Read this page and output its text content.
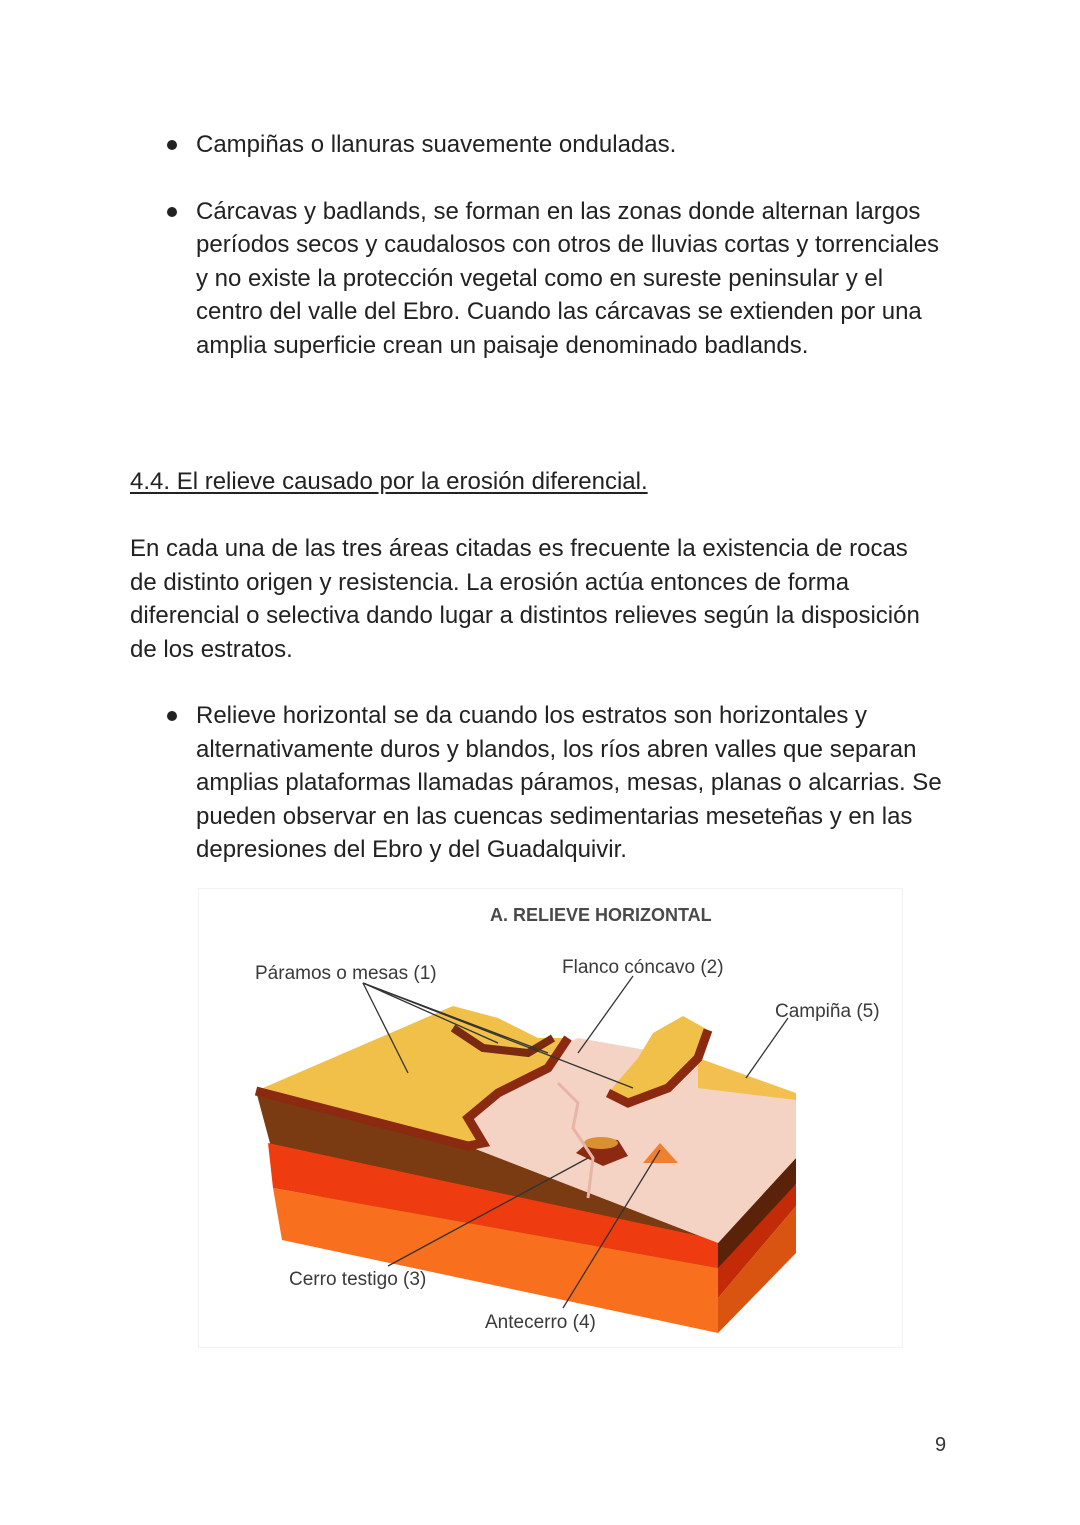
Campiñas o llanuras suavemente onduladas.
Cárcavas y badlands, se forman en las zonas donde alternan largos períodos secos y caudalosos con otros de lluvias cortas y torrenciales y no existe la protección vegetal como en sureste peninsular y el centro del valle del Ebro. Cuando las cárcavas se extienden por una amplia superficie crean un paisaje denominado badlands.
4.4. El relieve causado por la erosión diferencial.

En cada una de las tres áreas citadas es frecuente la existencia de rocas de distinto origen y resistencia. La erosión actúa entonces de forma diferencial o selectiva dando lugar a distintos relieves según la disposición de los estratos.

Relieve horizontal se da cuando los estratos son horizontales y alternativamente duros y blandos, los ríos abren valles que separan amplias plataformas llamadas páramos, mesas, planas o alcarrias. Se pueden observar en las cuencas sedimentarias meseteñas y en las depresiones del Ebro y del Guadalquivir.
A. RELIEVE HORIZONTAL
Páramos o mesas (1)	Flanco cóncavo (2)
Campiña (5)
Cerro testigo (3)
Antecerro (4)
9
